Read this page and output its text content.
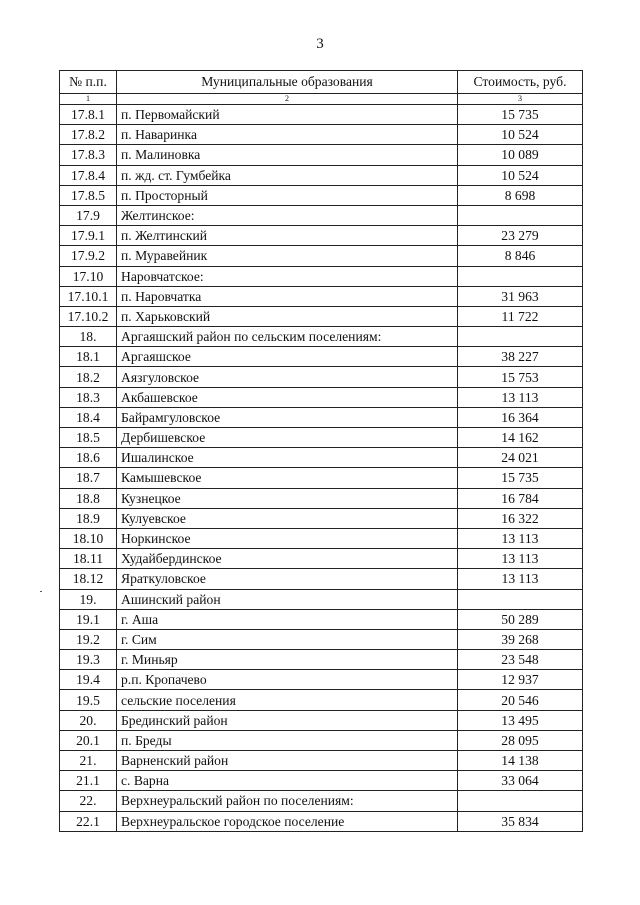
3
№ п.п.	Муниципальные образования	Стоимость, руб.
1	2	3
17.8.1	п. Первомайский	15 735
17.8.2	п. Наваринка	10 524
17.8.3	п. Малиновка	10 089
17.8.4	п. жд. ст. Гумбейка	10 524
17.8.5	п. Просторный	8 698
17.9	Желтинское:	
17.9.1	п. Желтинский	23 279
17.9.2	п. Муравейник	8 846
17.10	Наровчатское:	
17.10.1	п. Наровчатка	31 963
17.10.2	п. Харьковский	11 722
18.	Аргаяшский район по сельским поселениям:	
18.1	Аргаяшское	38 227
18.2	Аязгуловское	15 753
18.3	Акбашевское	13 113
18.4	Байрамгуловское	16 364
18.5	Дербишевское	14 162
18.6	Ишалинское	24 021
18.7	Камышевское	15 735
18.8	Кузнецкое	16 784
18.9	Кулуевское	16 322
18.10	Норкинское	13 113
18.11	Худайбердинское	13 113
18.12	Яраткуловское	13 113
19.	Ашинский район	
19.1	г. Аша	50 289
19.2	г. Сим	39 268
19.3	г. Миньяр	23 548
19.4	р.п. Кропачево	12 937
19.5	сельские поселения	20 546
20.	Брединский район	13 495
20.1	п. Бреды	28 095
21.	Варненский район	14 138
21.1	с. Варна	33 064
22.	Верхнеуральский район по поселениям:	
22.1	Верхнеуральское городское поселение	35 834
